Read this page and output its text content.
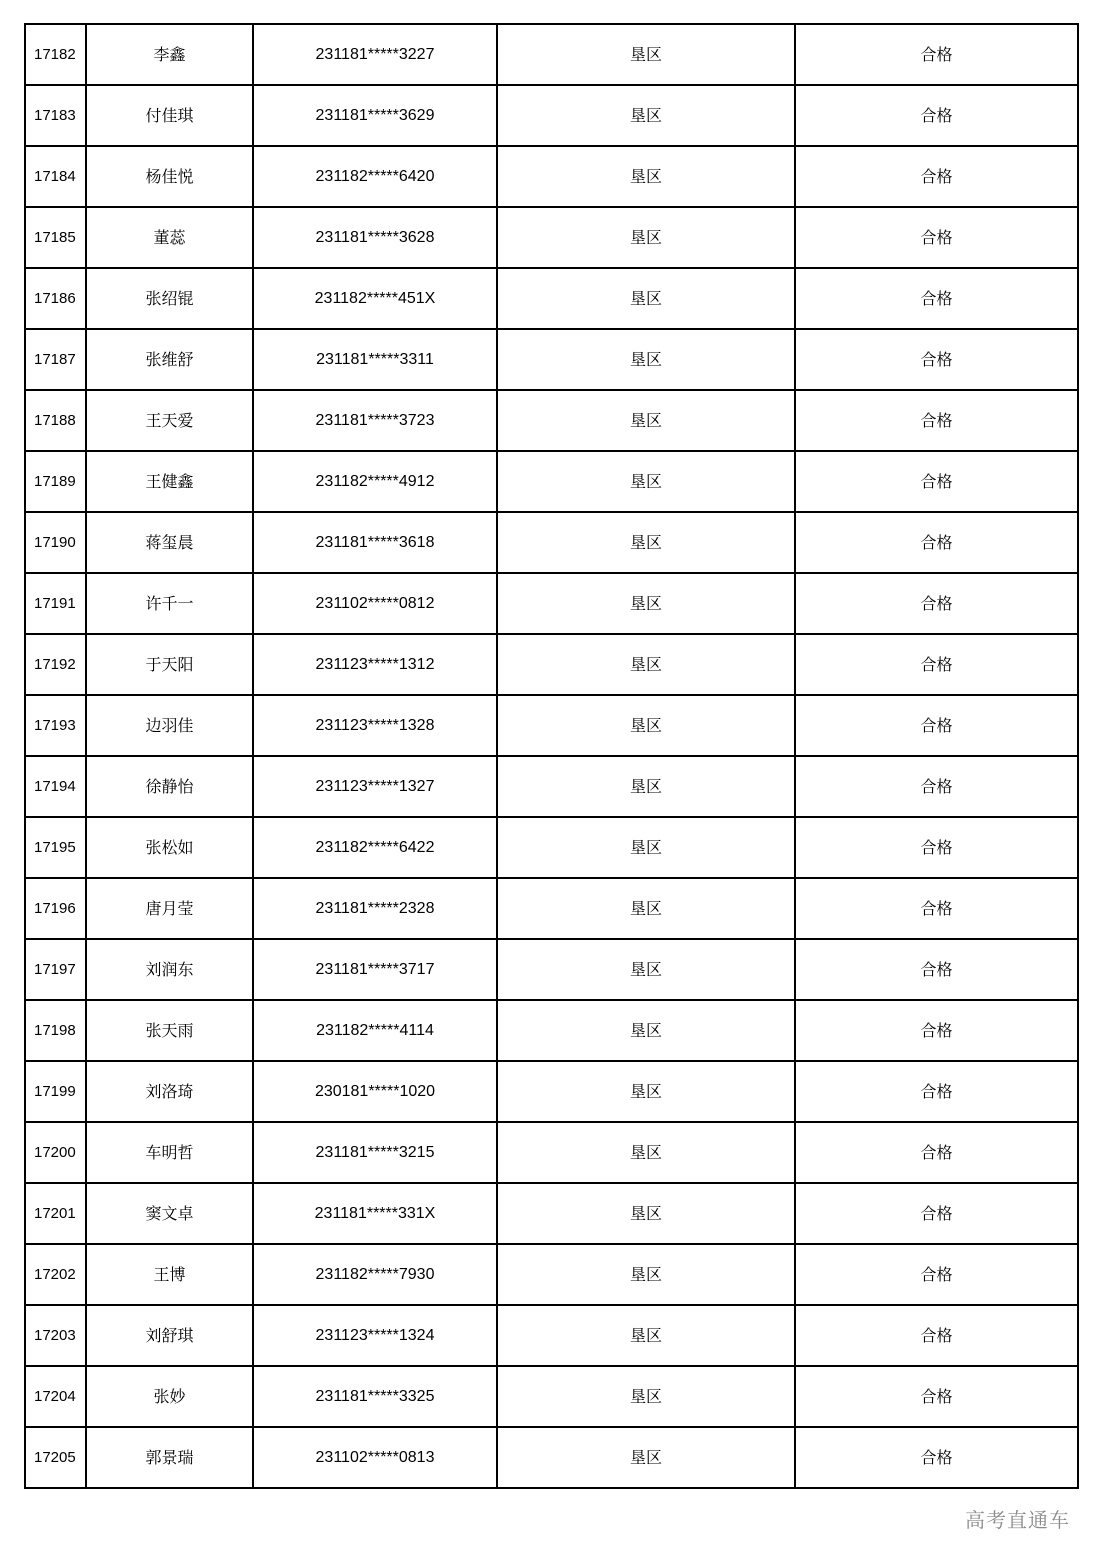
17182	李鑫	231181*****3227	垦区	合格
17183	付佳琪	231181*****3629	垦区	合格
17184	杨佳悦	231182*****6420	垦区	合格
17185	董蕊	231181*****3628	垦区	合格
17186	张绍锟	231182*****451X	垦区	合格
17187	张维舒	231181*****3311	垦区	合格
17188	王天爱	231181*****3723	垦区	合格
17189	王健鑫	231182*****4912	垦区	合格
17190	蒋玺晨	231181*****3618	垦区	合格
17191	许千一	231102*****0812	垦区	合格
17192	于天阳	231123*****1312	垦区	合格
17193	边羽佳	231123*****1328	垦区	合格
17194	徐静怡	231123*****1327	垦区	合格
17195	张松如	231182*****6422	垦区	合格
17196	唐月莹	231181*****2328	垦区	合格
17197	刘润东	231181*****3717	垦区	合格
17198	张天雨	231182*****4114	垦区	合格
17199	刘洛琦	230181*****1020	垦区	合格
17200	车明哲	231181*****3215	垦区	合格
17201	窦文卓	231181*****331X	垦区	合格
17202	王博	231182*****7930	垦区	合格
17203	刘舒琪	231123*****1324	垦区	合格
17204	张妙	231181*****3325	垦区	合格
17205	郭景瑞	231102*****0813	垦区	合格
高考直通车
